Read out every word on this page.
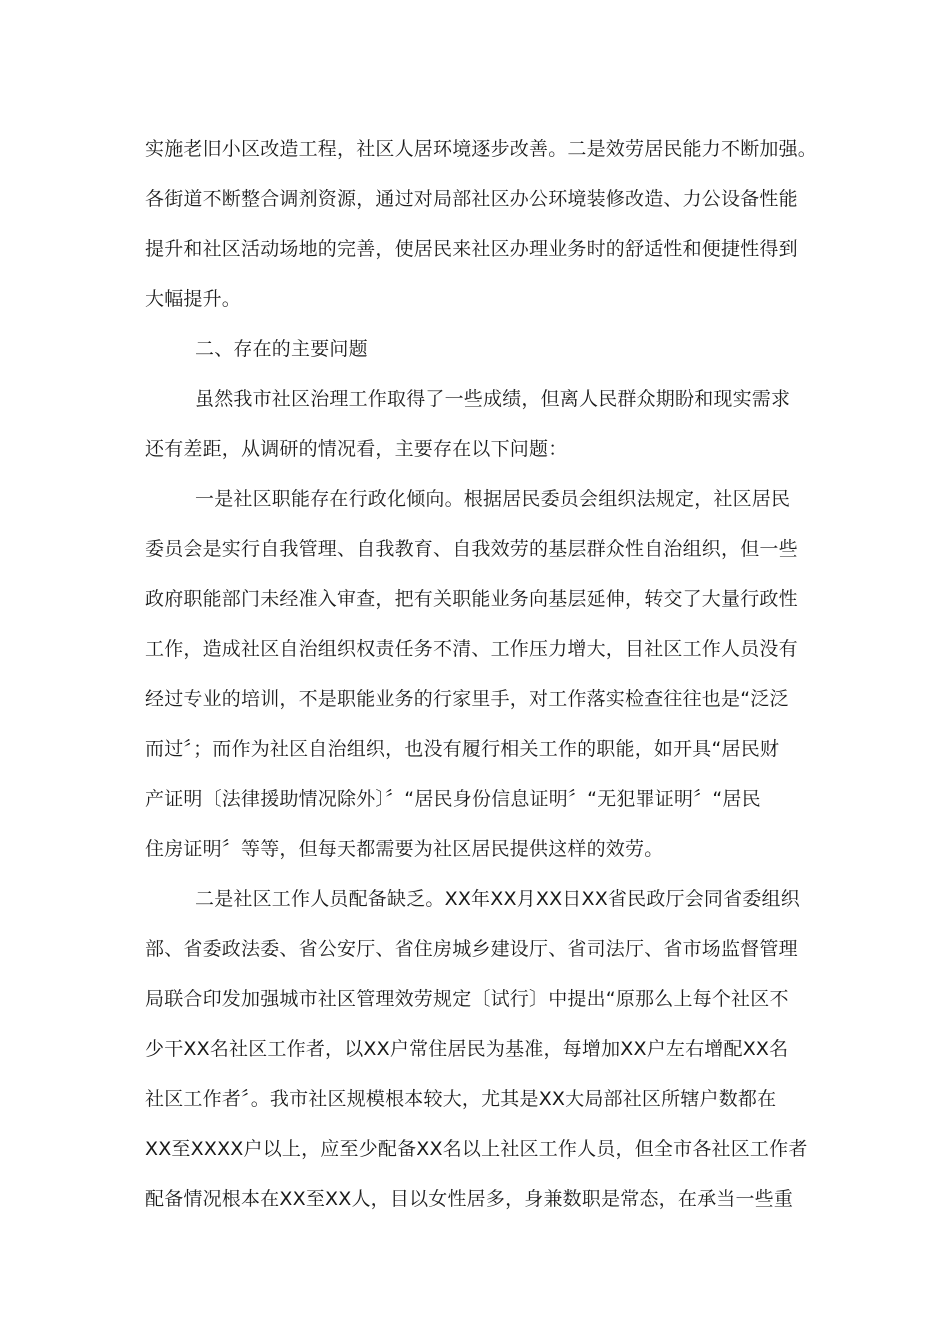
实施老旧小区改造工程，社区人居环境逐步改善。二是效劳居民能力不断加强。
各街道不断整合调剂资源，通过对局部社区办公环境装修改造、力公设备性能
提升和社区活动场地的完善，使居民来社区办理业务时的舒适性和便捷性得到
大幅提升。
二、存在的主要问题
虽然我市社区治理工作取得了一些成绩，但离人民群众期盼和现实需求
还有差距，从调研的情况看，主要存在以下问题：
一是社区职能存在行政化倾向。根据居民委员会组织法规定，社区居民
委员会是实行自我管理、自我教育、自我效劳的基层群众性自治组织，但一些
政府职能部门未经准入审查，把有关职能业务向基层延伸，转交了大量行政性
工作，造成社区自治组织权责任务不清、工作压力增大，目社区工作人员没有
经过专业的培训，不是职能业务的行家里手，对工作落实检查往往也是“泛泛
而过〞；而作为社区自治组织，也没有履行相关工作的职能，如开具“居民财
产证明〔法律援助情况除外〕〞“居民身份信息证明〞“无犯罪证明〞“居民
住房证明〞等等，但每天都需要为社区居民提供这样的效劳。
二是社区工作人员配备缺乏。XX年XX月XX日XX省民政厅会同省委组织
部、省委政法委、省公安厅、省住房城乡建设厅、省司法厅、省市场监督管理
局联合印发加强城市社区管理效劳规定〔试行〕中提出“原那么上每个社区不
少干XX名社区工作者，以XX户常住居民为基准，每增加XX户左右增配XX名
社区工作者〞。我市社区规模根本较大，尤其是XX大局部社区所辖户数都在
XX至XXXX户以上，应至少配备XX名以上社区工作人员，但全市各社区工作者
配备情况根本在XX至XX人，目以女性居多，身兼数职是常态，在承当一些重
